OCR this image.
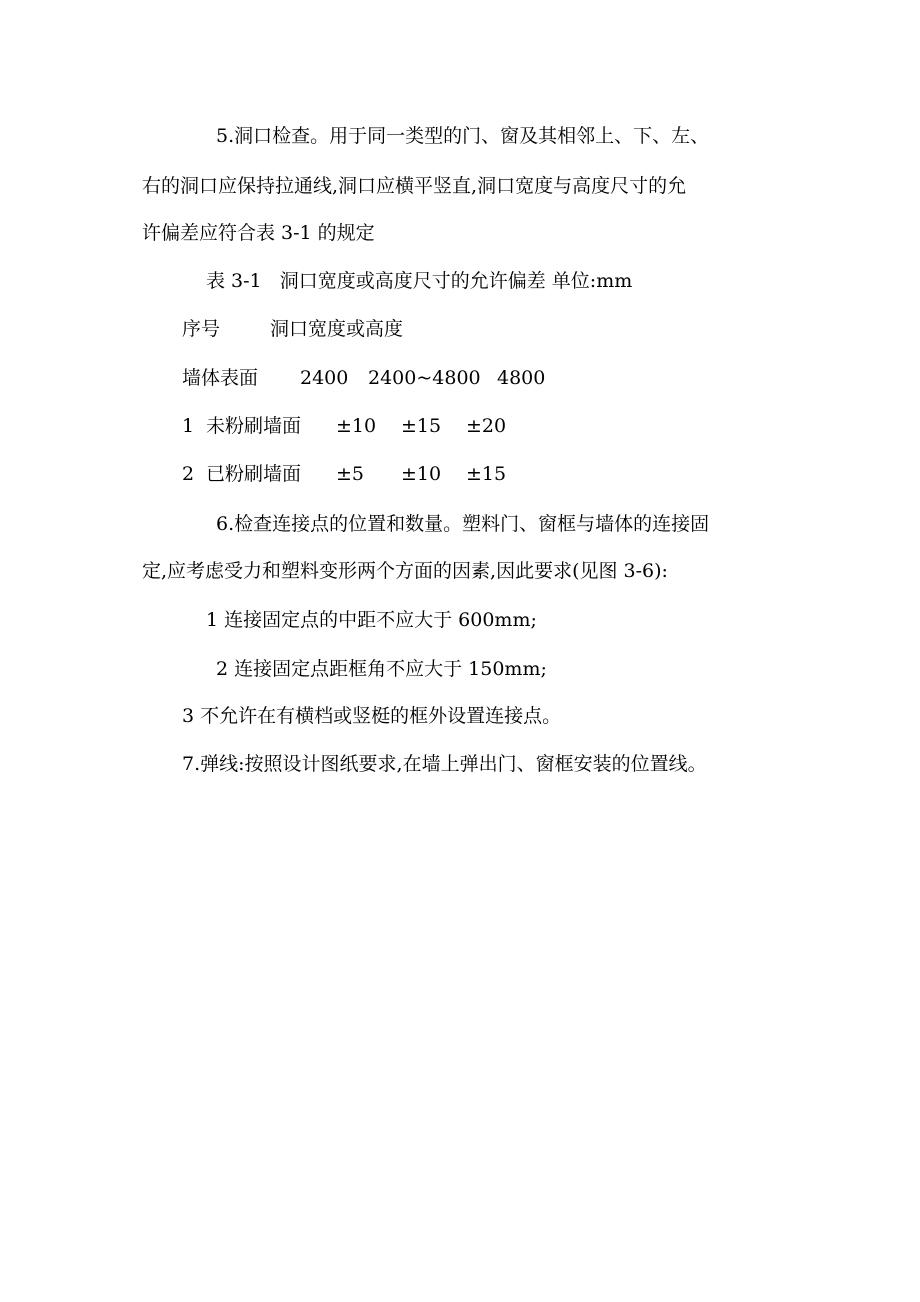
5.洞口检查。用于同一类型的门、窗及其相邻上、下、左、
右的洞口应保持拉通线,洞口应横平竖直,洞口宽度与高度尺寸的允
许偏差应符合表 3-1 的规定
表 3-1   洞口宽度或高度尺寸的允许偏差 单位:mm
序号	洞口宽度或高度
墙体表面 2400 2400~4800 4800
1 未粉刷墙面 ±10 ±15 ±20
2 已粉刷墙面 ±5 ±10 ±15
6.检查连接点的位置和数量。塑料门、窗框与墙体的连接固
定,应考虑受力和塑料变形两个方面的因素,因此要求(见图 3-6):
1 连接固定点的中距不应大于 600mm;
2 连接固定点距框角不应大于 150mm;
3 不允许在有横档或竖梃的框外设置连接点。
7.弹线:按照设计图纸要求,在墙上弹出门、窗框安装的位置线。
